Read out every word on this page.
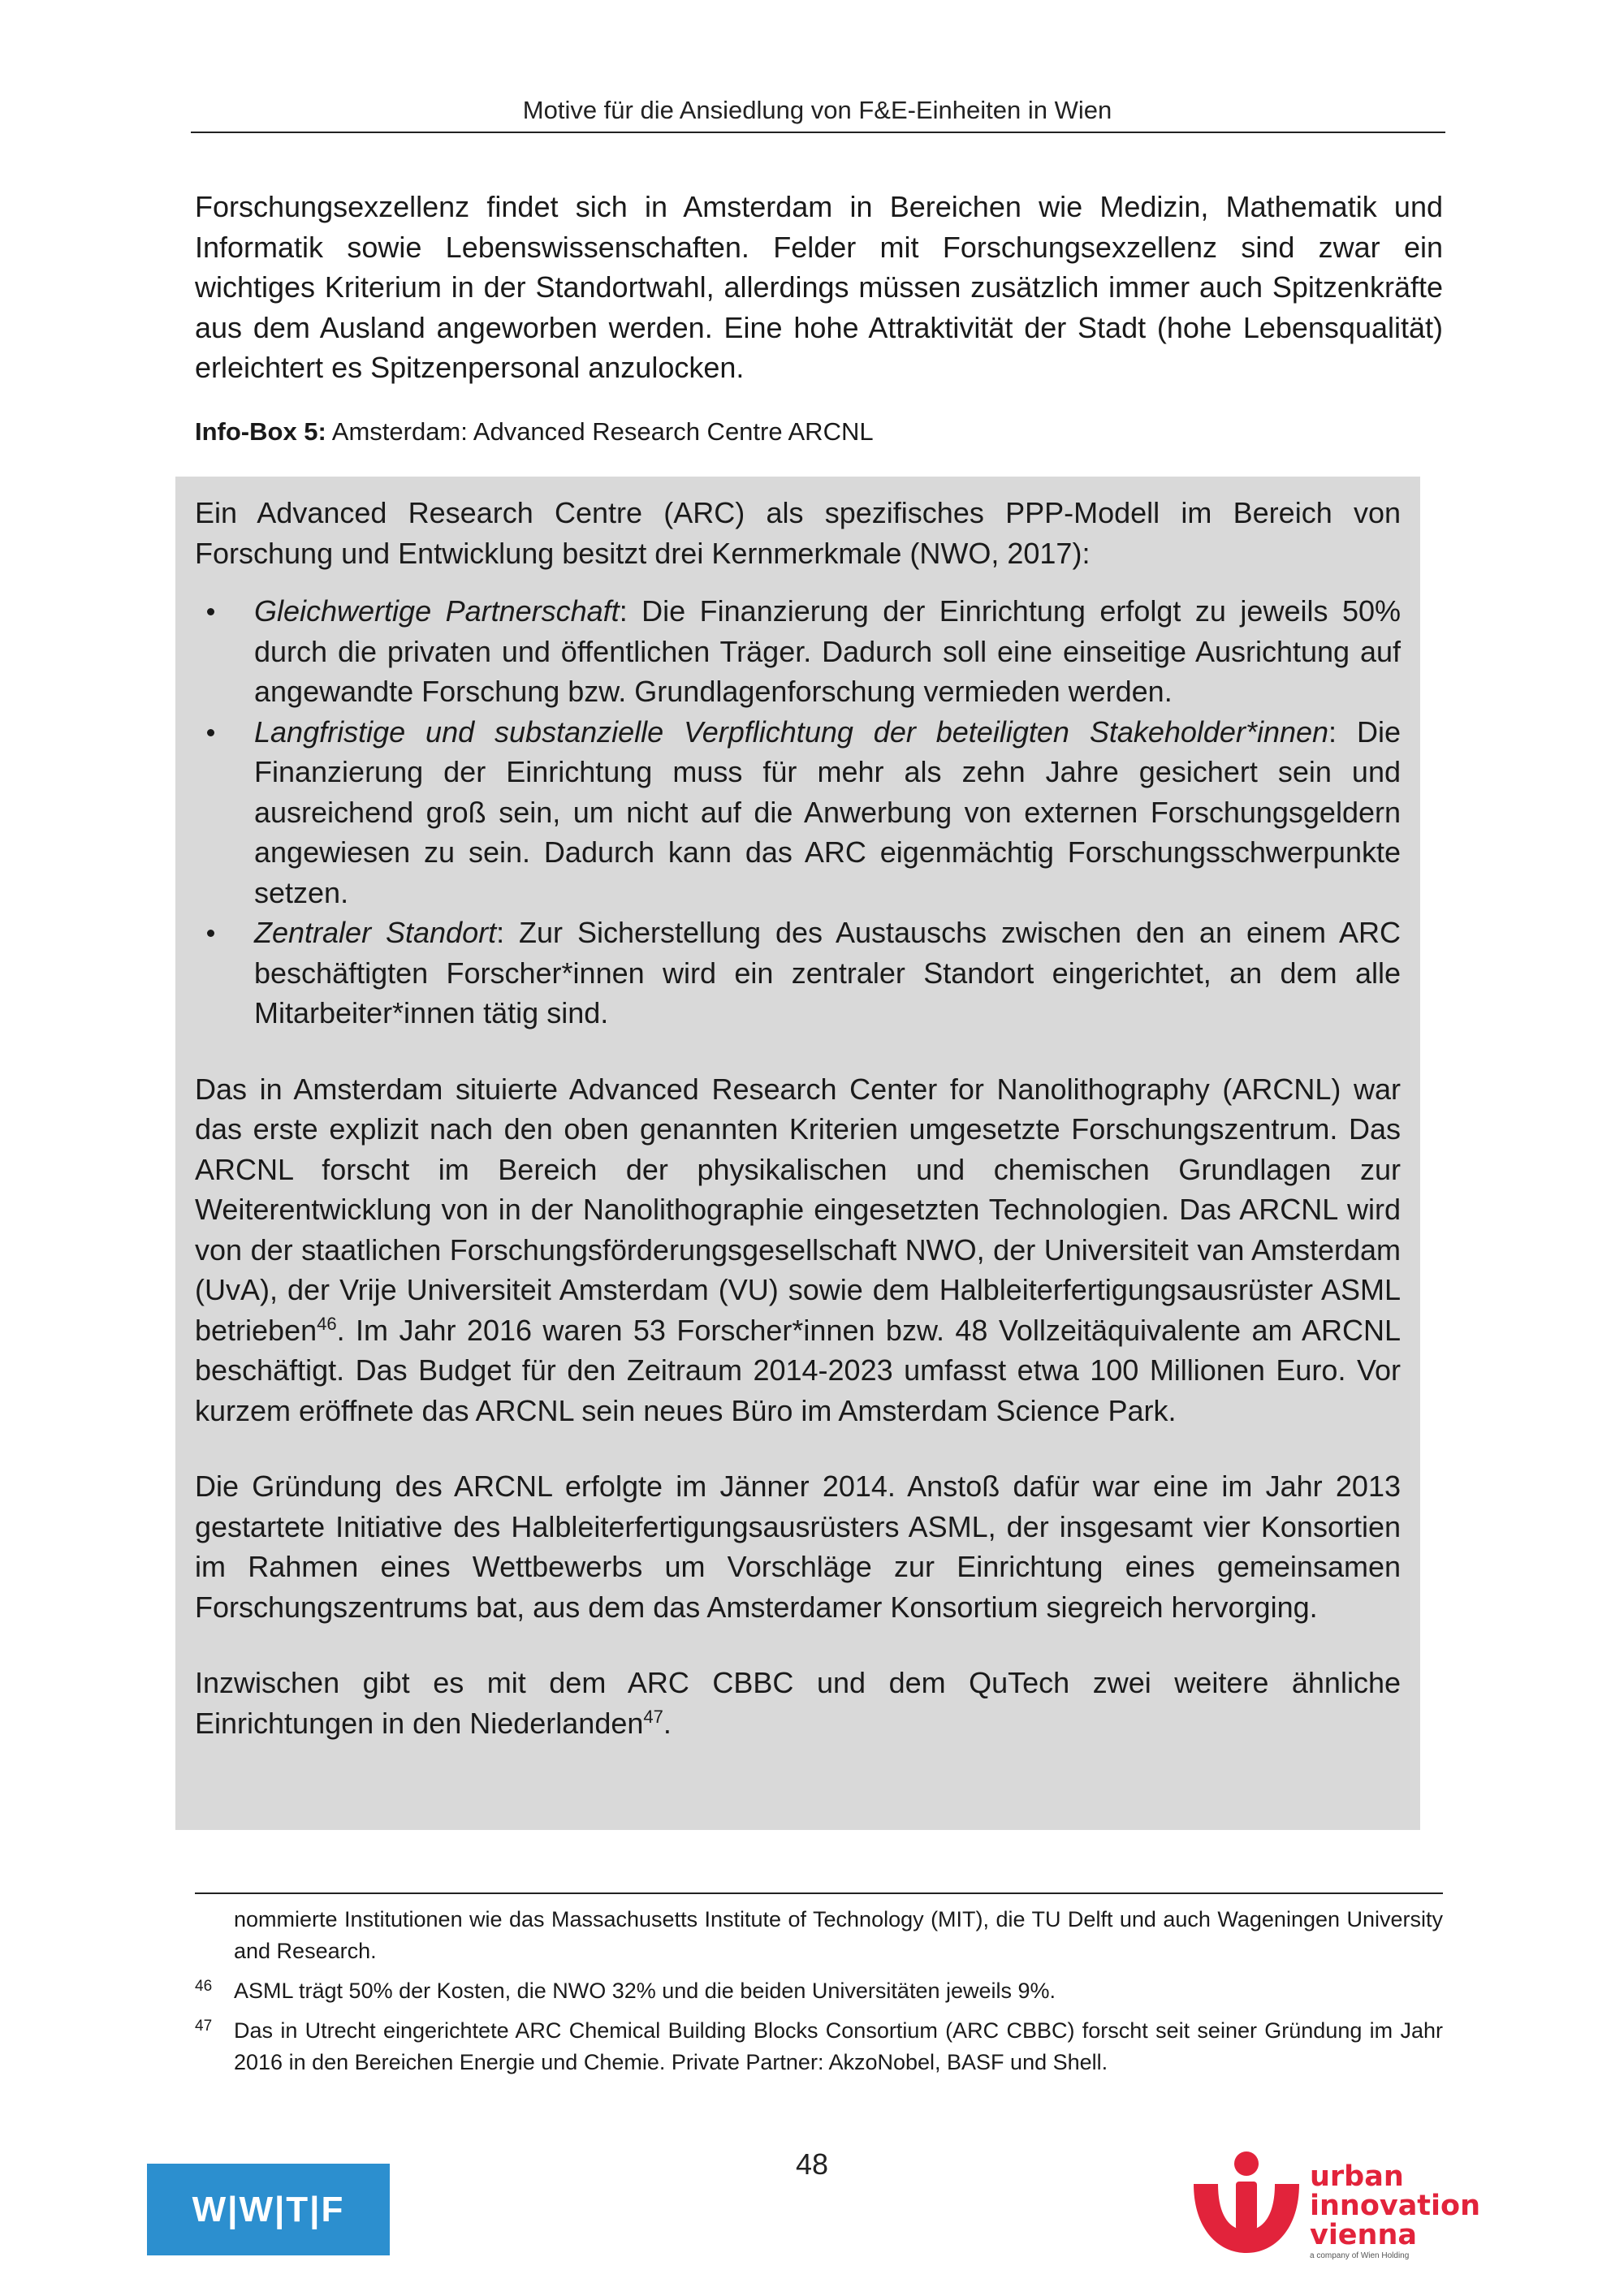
Motive für die Ansiedlung von F&E-Einheiten in Wien

Forschungsexzellenz findet sich in Amsterdam in Bereichen wie Medizin, Mathematik und Informatik sowie Lebenswissenschaften. Felder mit Forschungsexzellenz sind zwar ein wichtiges Kriterium in der Standortwahl, allerdings müssen zusätzlich immer auch Spitzenkräfte aus dem Ausland angeworben werden. Eine hohe Attraktivität der Stadt (hohe Lebensqualität) erleichtert es Spitzenpersonal anzulocken.

Info-Box 5: Amsterdam: Advanced Research Centre ARCNL

Ein Advanced Research Centre (ARC) als spezifisches PPP-Modell im Bereich von Forschung und Entwicklung besitzt drei Kernmerkmale (NWO, 2017):

Gleichwertige Partnerschaft: Die Finanzierung der Einrichtung erfolgt zu jeweils 50% durch die privaten und öffentlichen Träger. Dadurch soll eine einseitige Ausrichtung auf angewandte Forschung bzw. Grundlagenforschung vermieden werden.
Langfristige und substanzielle Verpflichtung der beteiligten Stakeholder*innen: Die Finanzierung der Einrichtung muss für mehr als zehn Jahre gesichert sein und ausreichend groß sein, um nicht auf die Anwerbung von externen Forschungsgeldern angewiesen zu sein. Dadurch kann das ARC eigenmächtig Forschungsschwerpunkte setzen.
Zentraler Standort: Zur Sicherstellung des Austauschs zwischen den an einem ARC beschäftigten Forscher*innen wird ein zentraler Standort eingerichtet, an dem alle Mitarbeiter*innen tätig sind.

Das in Amsterdam situierte Advanced Research Center for Nanolithography (ARCNL) war das erste explizit nach den oben genannten Kriterien umgesetzte Forschungszentrum. Das ARCNL forscht im Bereich der physikalischen und chemischen Grundlagen zur Weiterentwicklung von in der Nanolithographie eingesetzten Technologien. Das ARCNL wird von der staatlichen Forschungsförderungsgesellschaft NWO, der Universiteit van Amsterdam (UvA), der Vrije Universiteit Amsterdam (VU) sowie dem Halbleiterfertigungsausrüster ASML betrieben$^{46}$. Im Jahr 2016 waren 53 Forscher*innen bzw. 48 Vollzeitäquivalente am ARCNL beschäftigt. Das Budget für den Zeitraum 2014-2023 umfasst etwa 100 Millionen Euro. Vor kurzem eröffnete das ARCNL sein neues Büro im Amsterdam Science Park.

Die Gründung des ARCNL erfolgte im Jänner 2014. Anstoß dafür war eine im Jahr 2013 gestartete Initiative des Halbleiterfertigungsausrüsters ASML, der insgesamt vier Konsortien im Rahmen eines Wettbewerbs um Vorschläge zur Einrichtung eines gemeinsamen Forschungszentrums bat, aus dem das Amsterdamer Konsortium siegreich hervorging.

Inzwischen gibt es mit dem ARC CBBC und dem QuTech zwei weitere ähnliche Einrichtungen in den Niederlanden$^{47}$.

nommierte Institutionen wie das Massachusetts Institute of Technology (MIT), die TU Delft und auch Wageningen University and Research.
46 ASML trägt 50% der Kosten, die NWO 32% und die beiden Universitäten jeweils 9%.
47 Das in Utrecht eingerichtete ARC Chemical Building Blocks Consortium (ARC CBBC) forscht seit seiner Gründung im Jahr 2016 in den Bereichen Energie und Chemie. Private Partner: AkzoNobel, BASF und Shell.
48
W|W|T|F
urban
innovation
vienna
a company of Wien Holding
